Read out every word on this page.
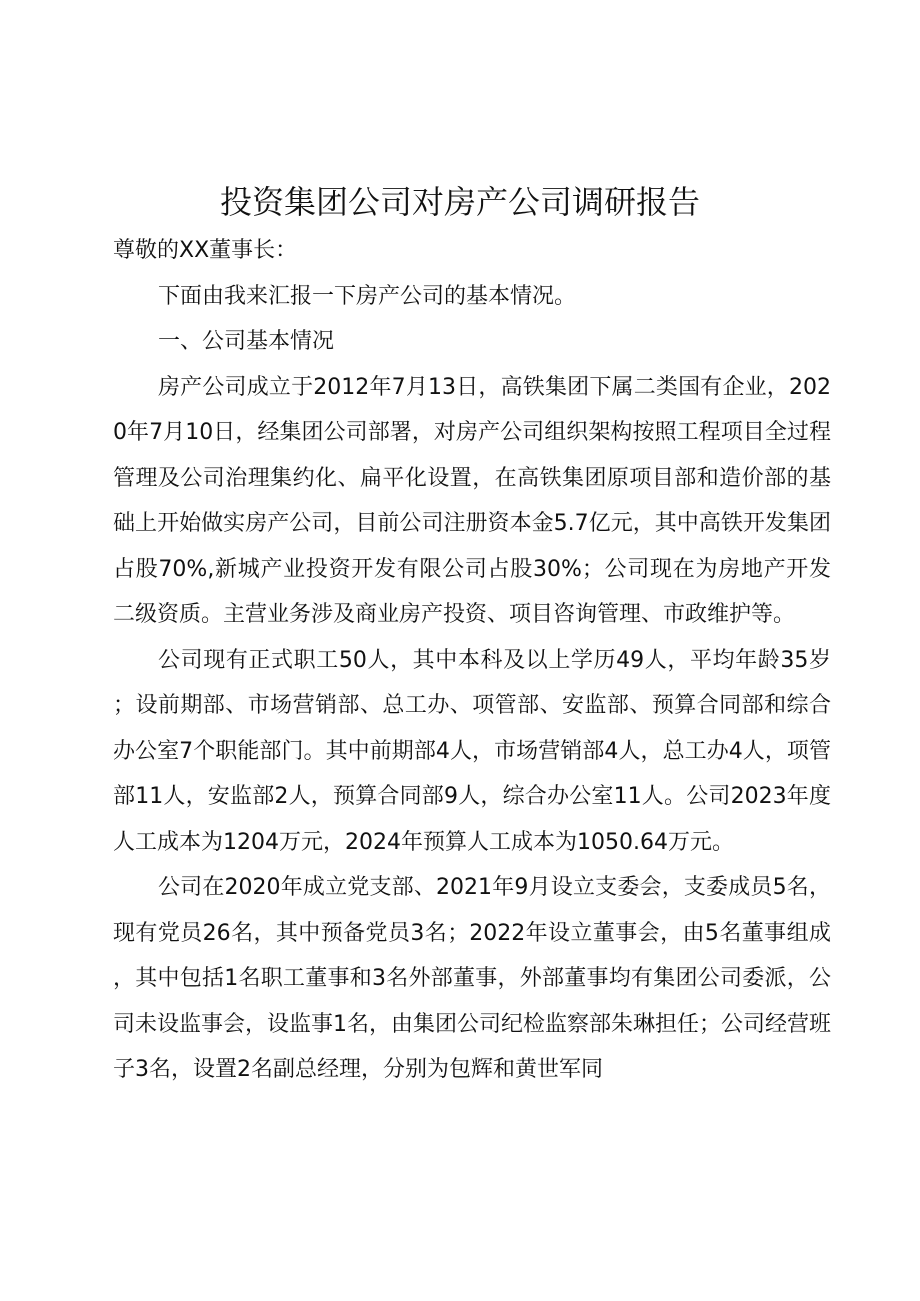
投资集团公司对房产公司调研报告

尊敬的XX董事长：

下面由我来汇报一下房产公司的基本情况。

一、公司基本情况

房产公司成立于2012年7月13日，高铁集团下属二类国有企业，2020年7月10日，经集团公司部署，对房产公司组织架构按照工程项目全过程管理及公司治理集约化、扁平化设置，在高铁集团原项目部和造价部的基础上开始做实房产公司，目前公司注册资本金5.7亿元，其中高铁开发集团占股70%,新城产业投资开发有限公司占股30%；公司现在为房地产开发二级资质。主营业务涉及商业房产投资、项目咨询管理、市政维护等。

公司现有正式职工50人，其中本科及以上学历49人，平均年龄35岁；设前期部、市场营销部、总工办、项管部、安监部、预算合同部和综合办公室7个职能部门。其中前期部4人，市场营销部4人，总工办4人，项管部11人，安监部2人，预算合同部9人，综合办公室11人。公司2023年度人工成本为1204万元，2024年预算人工成本为1050.64万元。

公司在2020年成立党支部、2021年9月设立支委会，支委成员5名，现有党员26名，其中预备党员3名；2022年设立董事会，由5名董事组成，其中包括1名职工董事和3名外部董事，外部董事均有集团公司委派，公司未设监事会，设监事1名，由集团公司纪检监察部朱琳担任；公司经营班子3名，设置2名副总经理，分别为包辉和黄世军同
